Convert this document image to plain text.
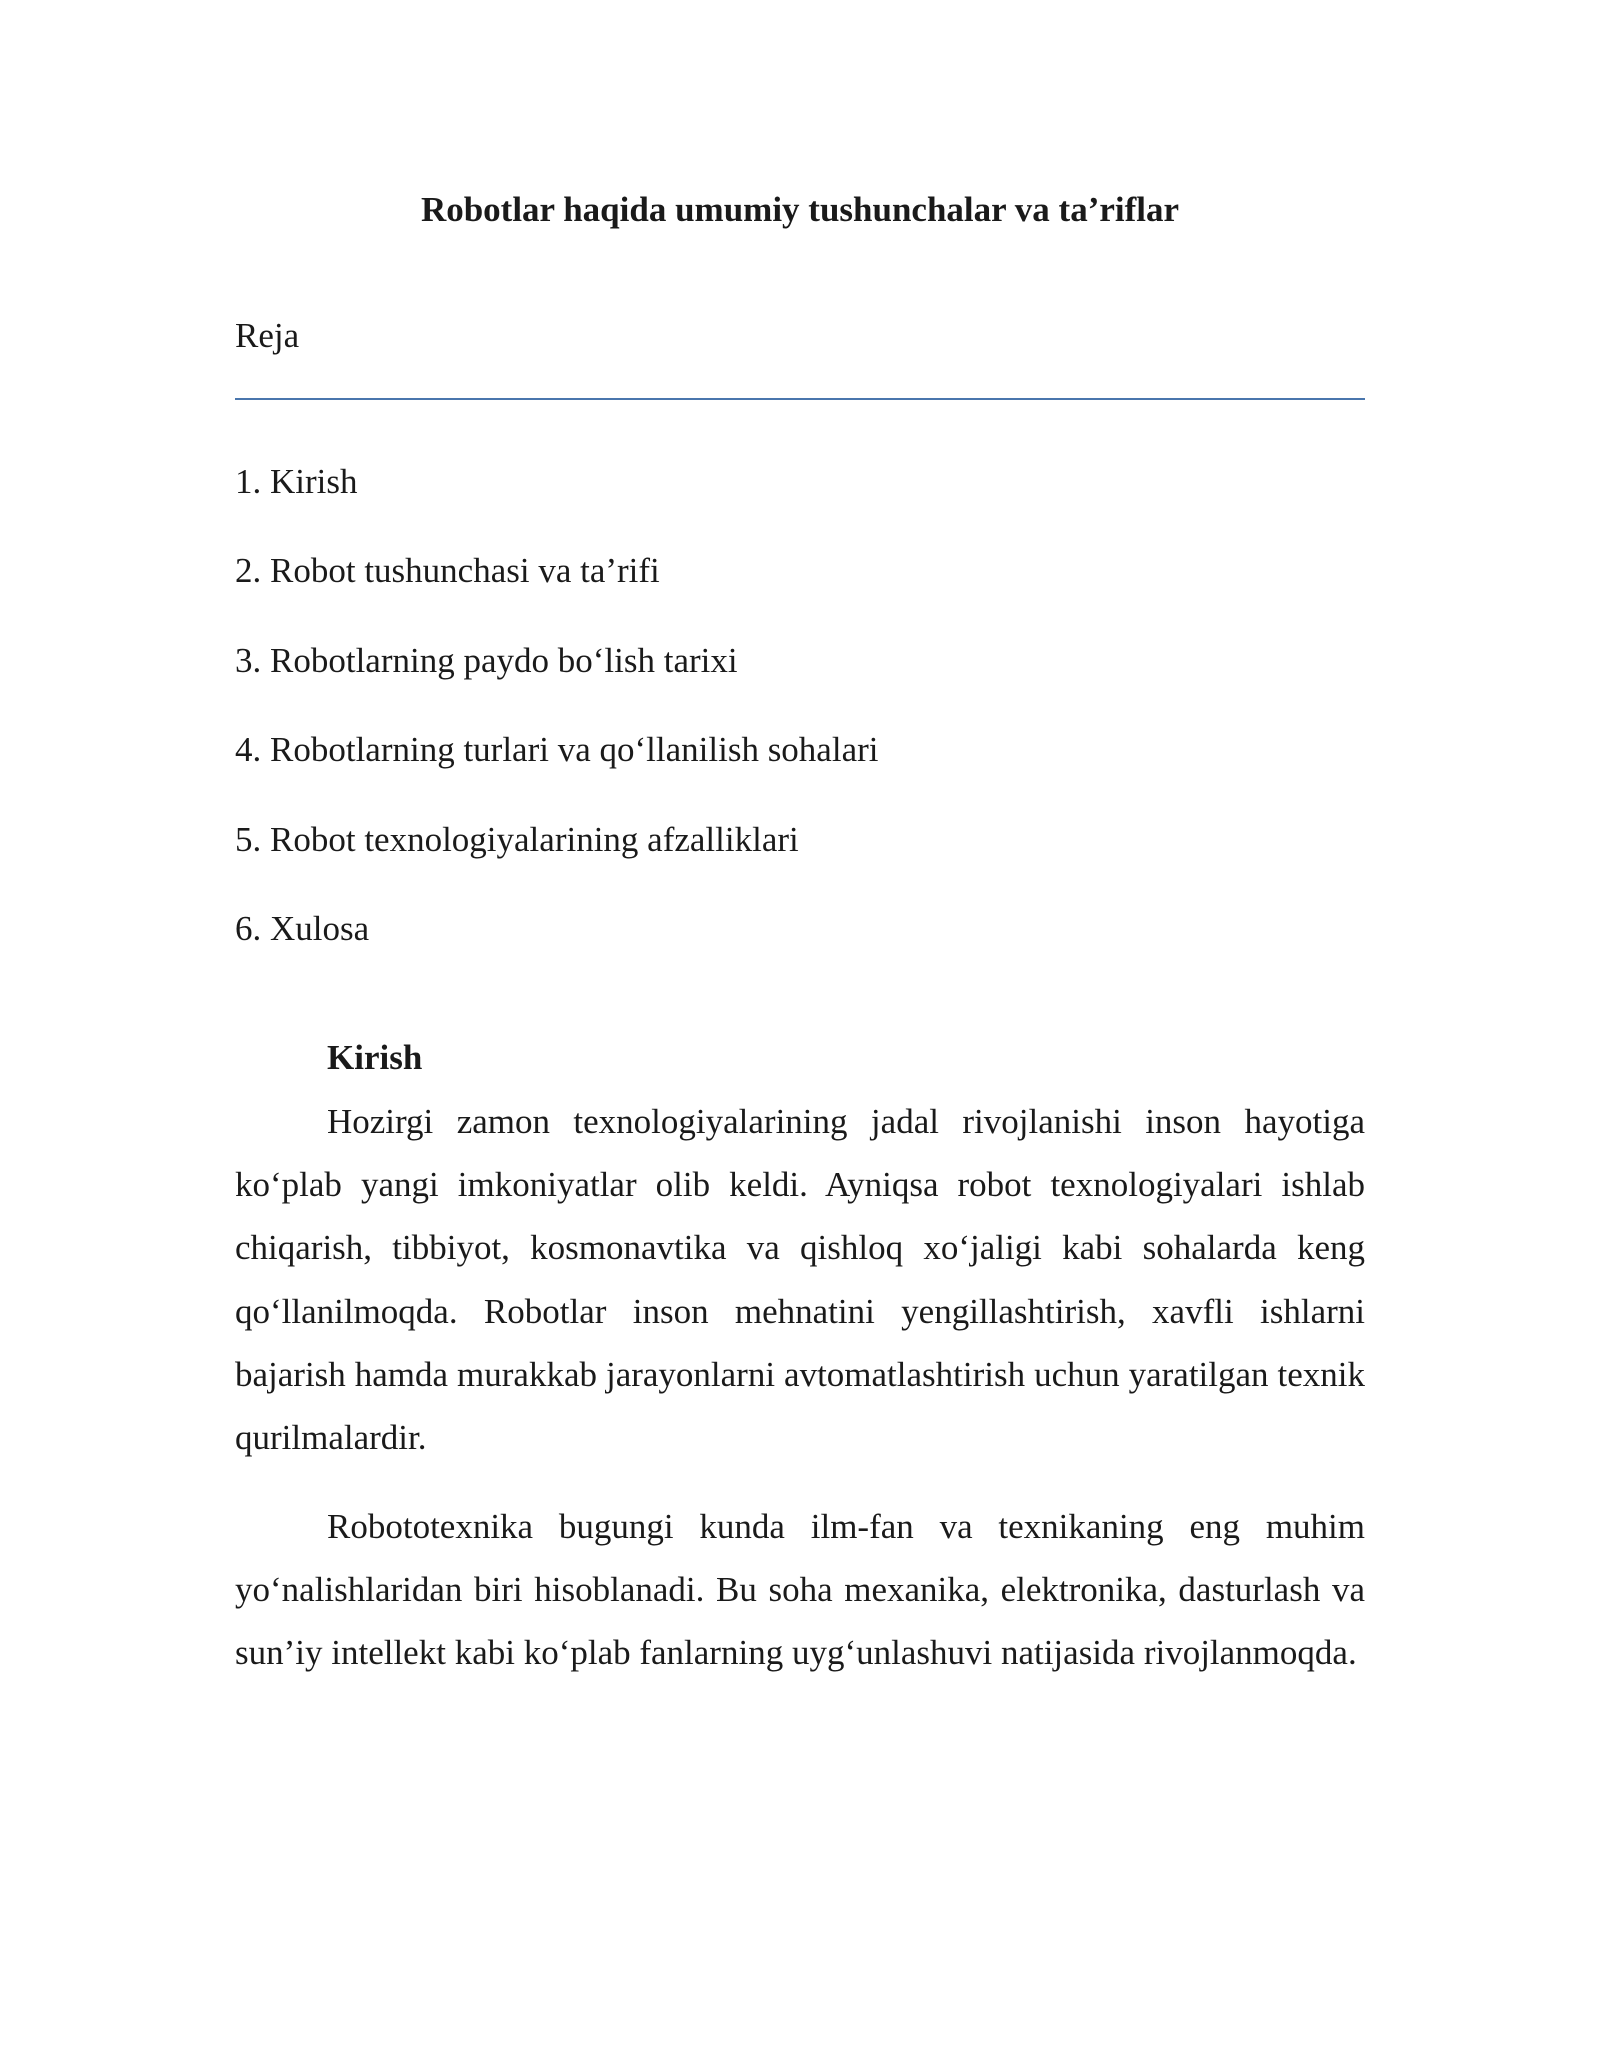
Robotlar haqida umumiy tushunchalar va ta’riflar
Reja
1. Kirish
2. Robot tushunchasi va ta’rifi
3. Robotlarning paydo bo‘lish tarixi
4. Robotlarning turlari va qo‘llanilish sohalari
5. Robot texnologiyalarining afzalliklari
6. Xulosa
Kirish

Hozirgi zamon texnologiyalarining jadal rivojlanishi inson hayotiga ko‘plab yangi imkoniyatlar olib keldi. Ayniqsa robot texnologiyalari ishlab chiqarish, tibbiyot, kosmonavtika va qishloq xo‘jaligi kabi sohalarda keng qo‘llanilmoqda. Robotlar inson mehnatini yengillashtirish, xavfli ishlarni bajarish hamda murakkab jarayonlarni avtomatlashtirish uchun yaratilgan texnik qurilmalardir.

Robototexnika bugungi kunda ilm-fan va texnikaning eng muhim yo‘nalishlaridan biri hisoblanadi. Bu soha mexanika, elektronika, dasturlash va sun’iy intellekt kabi ko‘plab fanlarning uyg‘unlashuvi natijasida rivojlanmoqda.
